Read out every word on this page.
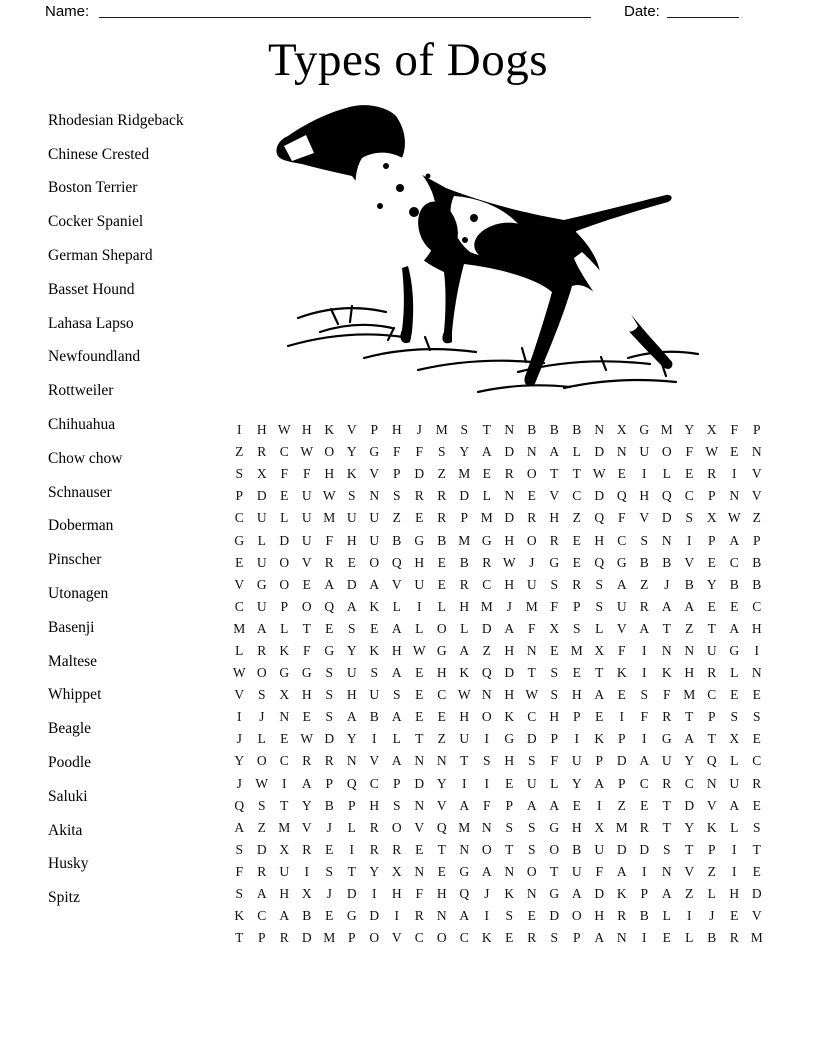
Name:	Date:
Types of Dogs
Rhodesian Ridgeback
Chinese Crested
Boston Terrier
Cocker Spaniel
German Shepard
Basset Hound
Lahasa Lapso
Newfoundland
Rottweiler
Chihuahua
Chow chow
Schnauser
Doberman
Pinscher
Utonagen
Basenji
Maltese
Whippet
Beagle
Poodle
Saluki
Akita
Husky
Spitz
I	H W H K V	P	H	J	M S	T	N B B B N X G M Y X	F	P
Z	R C W O Y G	F	F	S	Y A D N A	L	D N U O	F W E	N
S	X	F	F	H K V	P	D	Z M E	R O	T	T W E	I	L	E	R	I	V
P	D	E	U W S	N	S	R R D	L	N	E	V C D Q H Q C	P	N V
C U	L	U M U U	Z	E	R	P M D R H	Z	Q	F	V D	S	X W Z
G	L	D U	F	H U B G B M G H O R	E	H C	S	N	I	P	A	P
E	U O V R	E	O Q H	E	B R W J	G	E	Q G B B V	E	C B
V G O	E	A D A V U	E	R C H U	S	R	S	A	Z	J	B Y B B
C U	P	O Q A K	L	I	L	H M	J	M F	P	S	U R A A	E	E	C
M A	L	T	E	S	E	A	L	O	L	D A	F	X	S	L	V A	T	Z	T	A H
L	R K	F	G Y K H W G A	Z	H N	E M X	F	I	N N U G	I
W O G G	S	U	S	A	E	H K Q D	T	S	E	T	K	I	K H R	L	N
V	S	X H	S	H U	S	E	C W N H W S	H A	E	S	F M C	E	E
I	J	N	E	S	A B A	E	E	H O K C H	P	E	I	F	R	T	P	S	S
J	L	E W D Y	I	L	T	Z	U	I	G D	P	I	K	P	I	G A	T	X	E
Y O C R R N V A N N	T	S	H	S	F	U	P	D A U Y Q	L	C
J	W	I	A	P	Q C	P	D Y	I	I	E	U	L	Y A	P	C R C N U R
Q	S	T	Y B	P	H	S	N V A	F	P	A A	E	I	Z	E	T	D V A	E
A	Z M V	J	L	R O V Q M N	S	S	G H X M R	T	Y K	L	S
S	D X R	E	I	R R	E	T	N O	T	S	O B U D D	S	T	P	I	T
F	R U	I	S	T	Y X N	E	G A N O	T	U	F	A	I	N V	Z	I	E
S	A H X	J	D	I	H	F	H Q	J	K N G A D K	P	A	Z	L	H D
K C A B	E	G D	I	R N A	I	S	E	D O H R B	L	I	J	E	V
T	P	R D M P	O V C O C K	E	R	S	P	A N	I	E	L	B R M
